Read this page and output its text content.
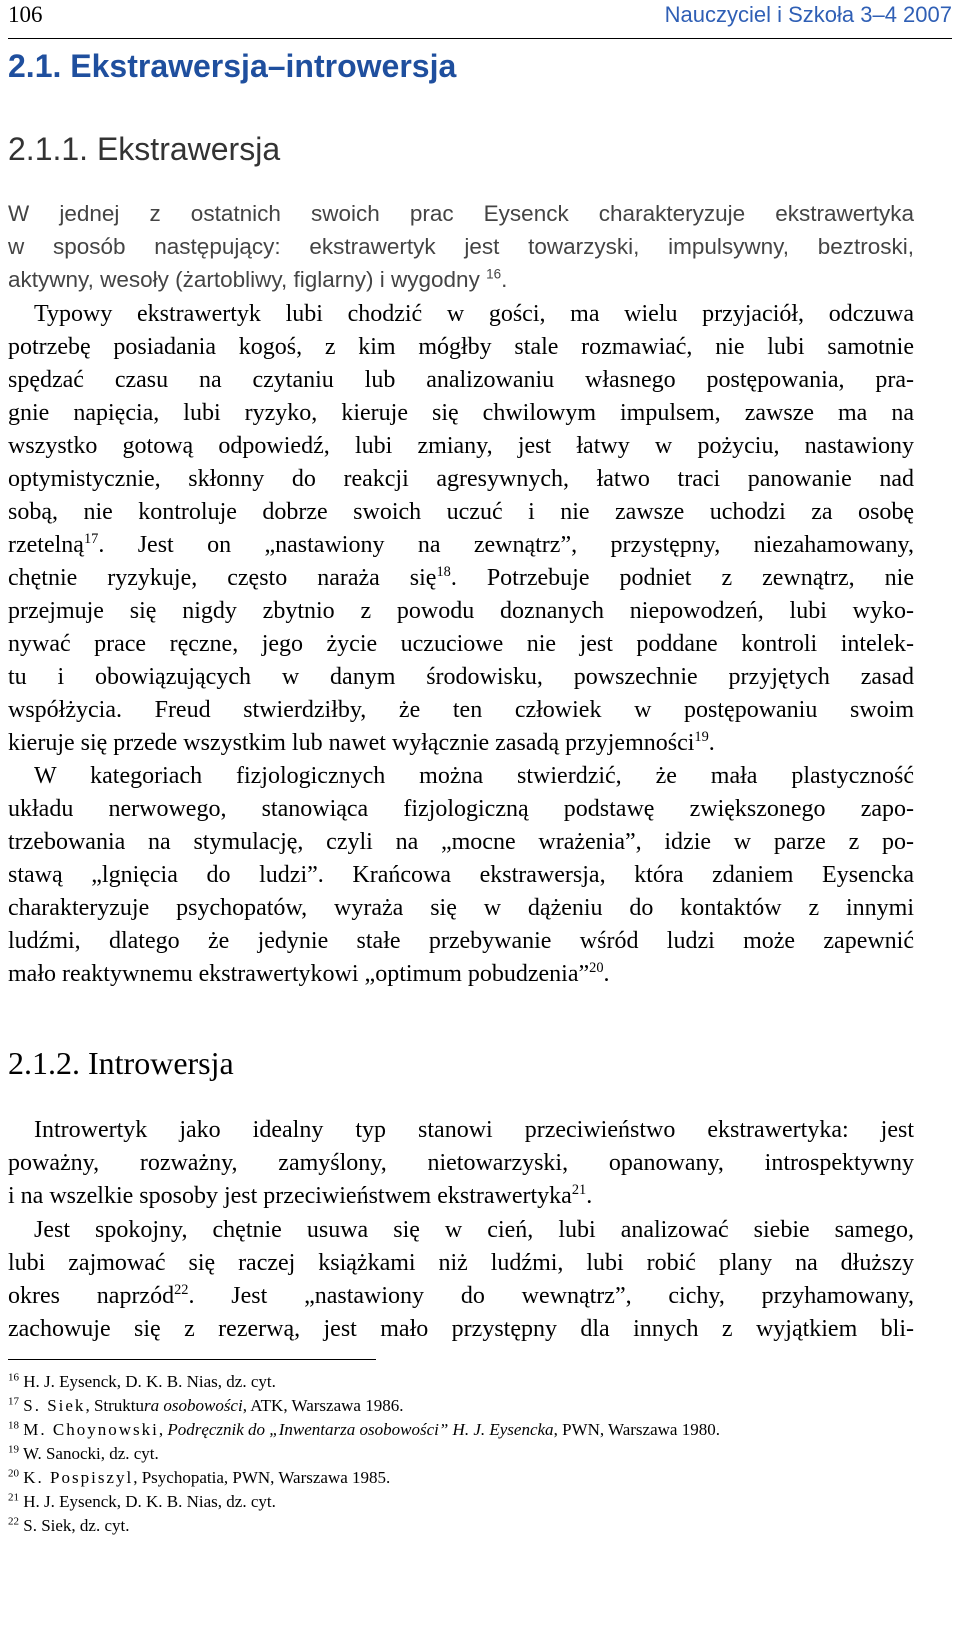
106	Nauczyciel i Szkoła 3–4 2007
2.1. Ekstrawersja–introwersja
2.1.1. Ekstrawersja
W jednej z ostatnich swoich prac Eysenck charakteryzuje ekstrawertyka
w sposób następujący: ekstrawertyk jest towarzyski, impulsywny, beztroski,
aktywny, wesoły (żartobliwy, figlarny) i wygodny $^{16}$.
Typowy ekstrawertyk lubi chodzić w gości, ma wielu przyjaciół, odczuwa
potrzebę posiadania kogoś, z kim mógłby stale rozmawiać, nie lubi samotnie
spędzać czasu na czytaniu lub analizowaniu własnego postępowania, pra-
gnie napięcia, lubi ryzyko, kieruje się chwilowym impulsem, zawsze ma na
wszystko gotową odpowiedź, lubi zmiany, jest łatwy w pożyciu, nastawiony
optymistycznie, skłonny do reakcji agresywnych, łatwo traci panowanie nad
sobą, nie kontroluje dobrze swoich uczuć i nie zawsze uchodzi za osobę
rzetelną$^{17}$. Jest on „nastawiony na zewnątrz”, przystępny, niezahamowany,
chętnie ryzykuje, często naraża się$^{18}$. Potrzebuje podniet z zewnątrz, nie
przejmuje się nigdy zbytnio z powodu doznanych niepowodzeń, lubi wyko-
nywać prace ręczne, jego życie uczuciowe nie jest poddane kontroli intelek-
tu i obowiązujących w danym środowisku, powszechnie przyjętych zasad
współżycia. Freud stwierdziłby, że ten człowiek w postępowaniu swoim
kieruje się przede wszystkim lub nawet wyłącznie zasadą przyjemności$^{19}$.
W kategoriach fizjologicznych można stwierdzić, że mała plastyczność
układu nerwowego, stanowiąca fizjologiczną podstawę zwiększonego zapo-
trzebowania na stymulację, czyli na „mocne wrażenia”, idzie w parze z po-
stawą „lgnięcia do ludzi”. Krańcowa ekstrawersja, która zdaniem Eysencka
charakteryzuje psychopatów, wyraża się w dążeniu do kontaktów z innymi
ludźmi, dlatego że jedynie stałe przebywanie wśród ludzi może zapewnić
mało reaktywnemu ekstrawertykowi „optimum pobudzenia”$^{20}$.
2.1.2. Introwersja
Introwertyk jako idealny typ stanowi przeciwieństwo ekstrawertyka: jest
poważny, rozważny, zamyślony, nietowarzyski, opanowany, introspektywny
i na wszelkie sposoby jest przeciwieństwem ekstrawertyka$^{21}$.
Jest spokojny, chętnie usuwa się w cień, lubi analizować siebie samego,
lubi zajmować się raczej książkami niż ludźmi, lubi robić plany na dłuższy
okres naprzód$^{22}$. Jest „nastawiony do wewnątrz”, cichy, przyhamowany,
zachowuje się z rezerwą, jest mało przystępny dla innych z wyjątkiem bli-
$^{16}$ H. J. Eysenck, D. K. B. Nias, dz. cyt.
$^{17}$ S. Siek, Struktura osobowości, ATK, Warszawa 1986.
$^{18}$ M. Choynowski, Podręcznik do „Inwentarza osobowości” H. J. Eysencka, PWN, Warszawa 1980.
$^{19}$ W. Sanocki, dz. cyt.
$^{20}$ K. Pospiszyl, Psychopatia, PWN, Warszawa 1985.
$^{21}$ H. J. Eysenck, D. K. B. Nias, dz. cyt.
$^{22}$ S. Siek, dz. cyt.
